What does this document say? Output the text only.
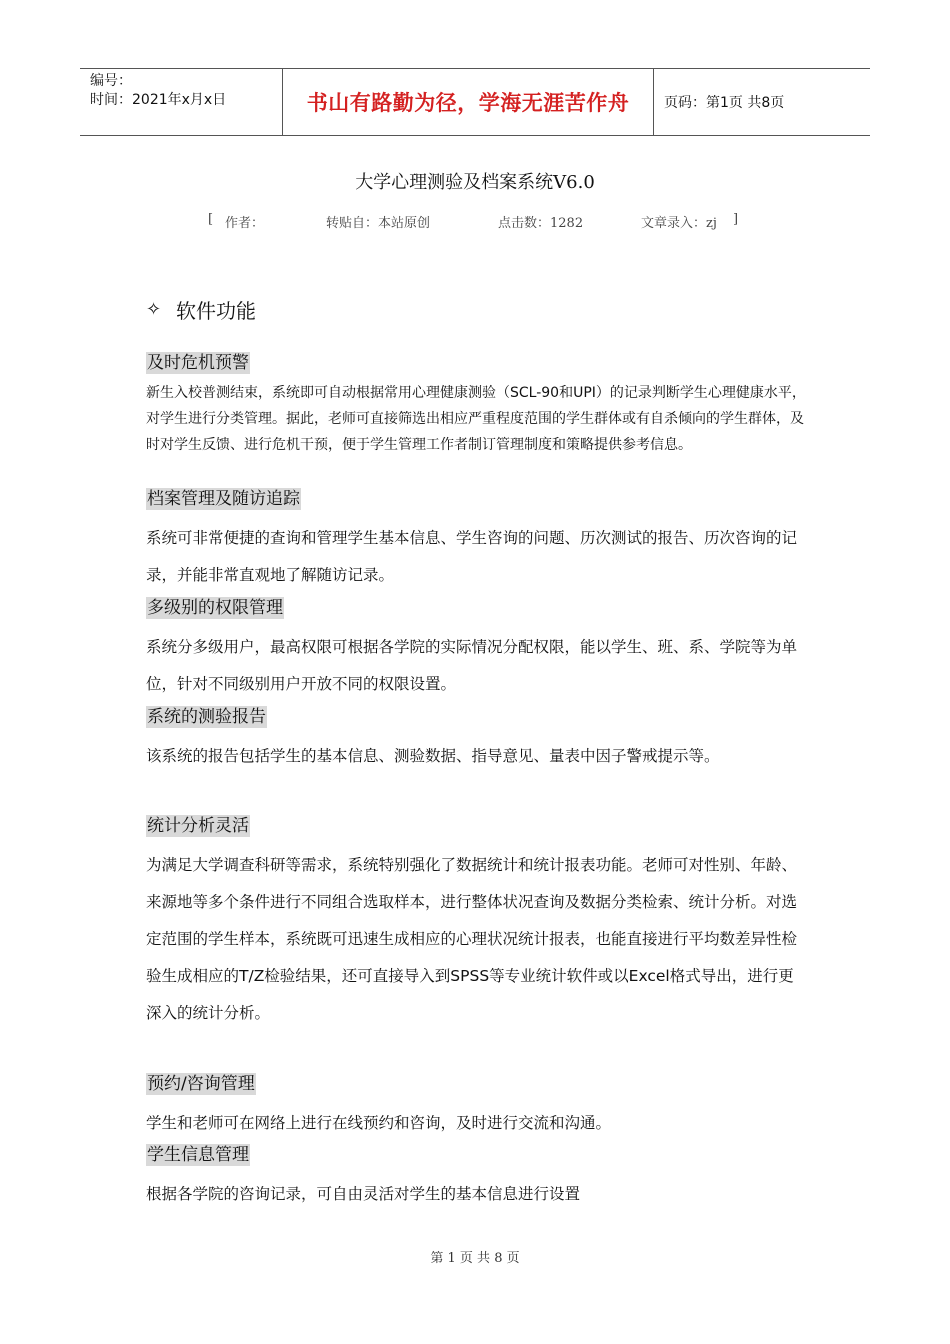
编号：
时间：2021年x月x日	书山有路勤为径，学海无涯苦作舟	页码：第1页 共8页
大学心理测验及档案系统V6.0
[ 作者：	转贴自：本站原创	点击数：1282	文章录入：zj ]
✧ 软件功能
及时危机预警

新生入校普测结束，系统即可自动根据常用心理健康测验（SCL-90和UPI）的记录判断学生心理健康水平，对学生进行分类管理。据此，老师可直接筛选出相应严重程度范围的学生群体或有自杀倾向的学生群体，及时对学生反馈、进行危机干预，便于学生管理工作者制订管理制度和策略提供参考信息。

档案管理及随访追踪

系统可非常便捷的查询和管理学生基本信息、学生咨询的问题、历次测试的报告、历次咨询的记录，并能非常直观地了解随访记录。

多级别的权限管理

系统分多级用户，最高权限可根据各学院的实际情况分配权限，能以学生、班、系、学院等为单位，针对不同级别用户开放不同的权限设置。

系统的测验报告

该系统的报告包括学生的基本信息、测验数据、指导意见、量表中因子警戒提示等。

统计分析灵活

为满足大学调查科研等需求，系统特别强化了数据统计和统计报表功能。老师可对性别、年龄、来源地等多个条件进行不同组合选取样本，进行整体状况查询及数据分类检索、统计分析。对选定范围的学生样本，系统既可迅速生成相应的心理状况统计报表，也能直接进行平均数差异性检验生成相应的T/Z检验结果，还可直接导入到SPSS等专业统计软件或以Excel格式导出，进行更深入的统计分析。

预约/咨询管理

学生和老师可在网络上进行在线预约和咨询，及时进行交流和沟通。

学生信息管理

根据各学院的咨询记录，可自由灵活对学生的基本信息进行设置

第 1 页 共 8 页
